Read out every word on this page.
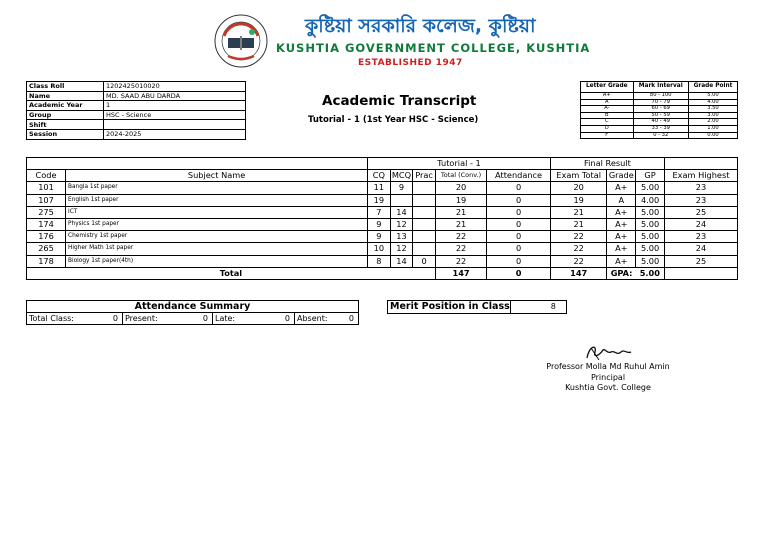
কুষ্টিয়া সরকারি কলেজ, কুষ্টিয়া
KUSHTIA GOVERNMENT COLLEGE, KUSHTIA
ESTABLISHED 1947
Class Roll	1202425010020
Name	MD. SAAD ABU DARDA
Academic Year	1
Group	HSC - Science
Shift	
Session	2024-2025
Academic Transcript
Tutorial - 1 (1st Year HSC - Science)
Letter Grade	Mark Interval	Grade Point
A+	80 - 100	5.00
A	70 - 79	4.00
A-	60 - 69	3.50
B	50 - 59	3.00
C	40 - 49	2.00
D	33 - 39	1.00
F	0 - 32	0.00
		Tutorial - 1					Final Result			
Code	Subject Name	CQ	MCQ	Prac	Total (Conv.)	Attendance	Exam Total	Grade	GP	Exam Highest
101	Bangla 1st paper	11	9		20	0	20	A+	5.00	23
107	English 1st paper	19			19	0	19	A	4.00	23
275	ICT	7	14		21	0	21	A+	5.00	25
174	Physics 1st paper	9	12		21	0	21	A+	5.00	24
176	Chemistry 1st paper	9	13		22	0	22	A+	5.00	23
265	Higher Math 1st paper	10	12		22	0	22	A+	5.00	24
178	Biology 1st paper(4th)	8	14	0	22	0	22	A+	5.00	25
Total					147	0	147	GPA:	5.00	
Attendance Summary
Total Class:	0	Present:	0	Late:	0	Absent:	0
Merit Position in Class	8
Professor Molla Md Ruhul Amin
Principal
Kushtia Govt. College
